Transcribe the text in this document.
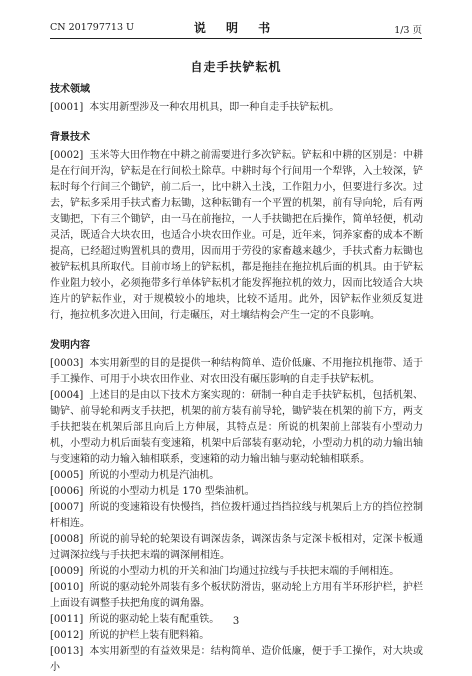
CN 201797713 U	说 明 书	1/3 页
自走手扶铲耘机
技术领域
[0001] 本实用新型涉及一种农用机具，即一种自走手扶铲耘机。
背景技术
[0002] 玉米等大田作物在中耕之前需要进行多次铲耘。铲耘和中耕的区别是：中耕是在行间开沟，铲耘是在行间松土除草。中耕时每个行间用一个犁铧，入土较深，铲耘时每个行间三个锄铲，前二后一，比中耕入土浅，工作阻力小，但要进行多次。过去，铲耘多采用手扶式畜力耘锄，这种耘锄有一个平置的机架，前有导向轮，后有两支锄把，下有三个锄铲，由一马在前拖拉，一人手扶锄把在后操作，简单轻便，机动灵活，既适合大块农田，也适合小块农田作业。可是，近年来，饲养家畜的成本不断提高，已经超过购置机具的费用，因而用于劳役的家畜越来越少，手扶式畜力耘锄也被铲耘机具所取代。目前市场上的铲耘机，都是拖挂在拖拉机后面的机具。由于铲耘作业阻力较小，必须拖带多行单体铲耘机才能发挥拖拉机的效力，因而比较适合大块连片的铲耘作业，对于规模较小的地块，比较不适用。此外，因铲耘作业须反复进行，拖拉机多次进入田间，行走碾压，对土壤结构会产生一定的不良影响。
发明内容
[0003] 本实用新型的目的是提供一种结构简单、造价低廉、不用拖拉机拖带、适于手工操作、可用于小块农田作业、对农田没有碾压影响的自走手扶铲耘机。
[0004] 上述目的是由以下技术方案实现的：研制一种自走手扶铲耘机，包括机架、锄铲、前导轮和两支手扶把，机架的前方装有前导轮，锄铲装在机架的前下方，两支手扶把装在机架后部且向后上方伸展，其特点是：所说的机架前上部装有小型动力机，小型动力机后面装有变速箱，机架中后部装有驱动轮，小型动力机的动力输出轴与变速箱的动力输入轴相联系，变速箱的动力输出轴与驱动轮轴相联系。
[0005] 所说的小型动力机是汽油机。
[0006] 所说的小型动力机是 170 型柴油机。
[0007] 所说的变速箱设有快慢挡，挡位拨杆通过挡挡拉线与机架后上方的挡位控制杆相连。
[0008] 所说的前导轮的轮架设有调深齿条，调深齿条与定深卡板相对，定深卡板通过调深拉线与手扶把末端的调深闸相连。
[0009] 所说的小型动力机的开关和油门均通过拉线与手扶把末端的手闸相连。
[0010] 所说的驱动轮外周装有多个板状防滑齿，驱动轮上方用有半环形护栏，护栏上面设有调整手扶把角度的调角器。
[0011] 所说的驱动轮上装有配重铁。
[0012] 所说的护栏上装有肥料箱。
[0013] 本实用新型的有益效果是：结构简单、造价低廉，便于手工操作，对大块或小
3
